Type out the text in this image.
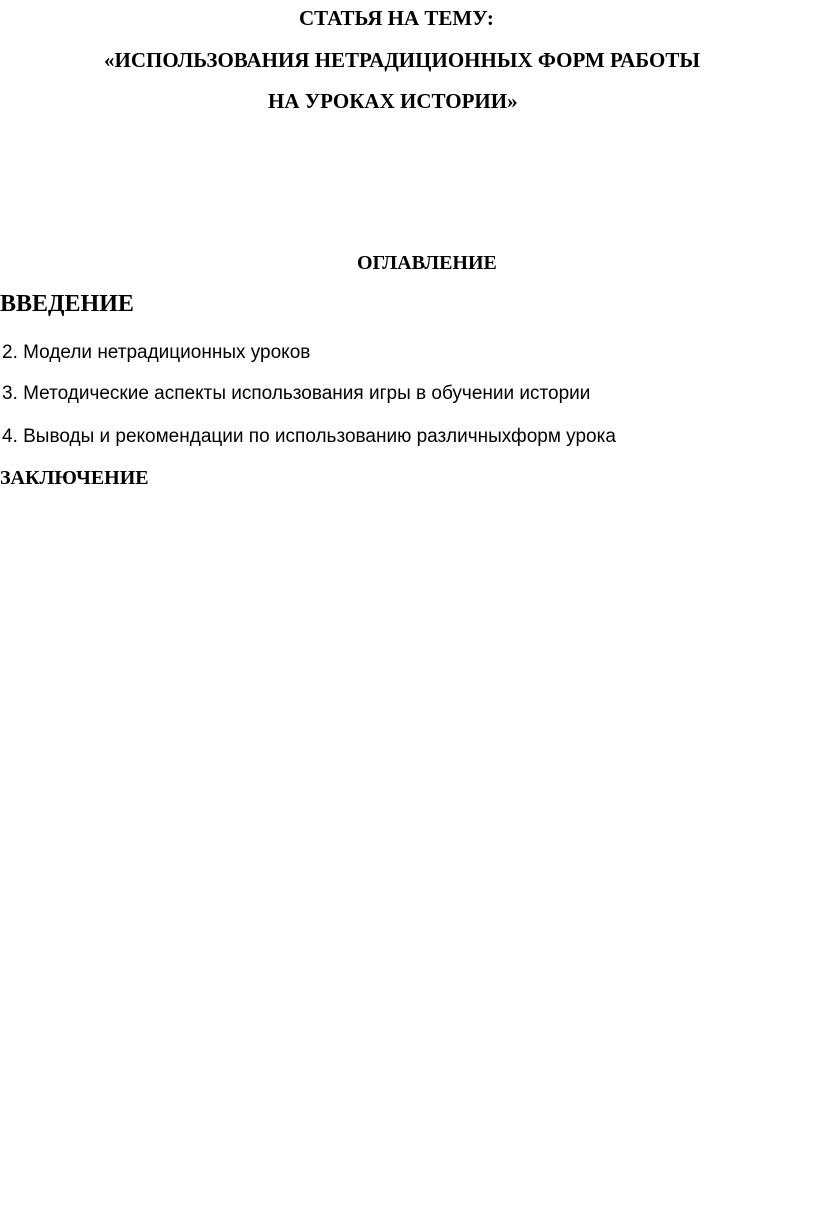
СТАТЬЯ НА ТЕМУ:
«ИСПОЛЬЗОВАНИЯ НЕТРАДИЦИОННЫХ ФОРМ РАБОТЫ
НА УРОКАХ ИСТОРИИ»
ОГЛАВЛЕНИЕ
ВВЕДЕНИЕ
2. Модели нетрадиционных уроков
3. Методические аспекты использования игры в обучении истории
4. Выводы и рекомендации по использованию различныхформ урока
ЗАКЛЮЧЕНИЕ
